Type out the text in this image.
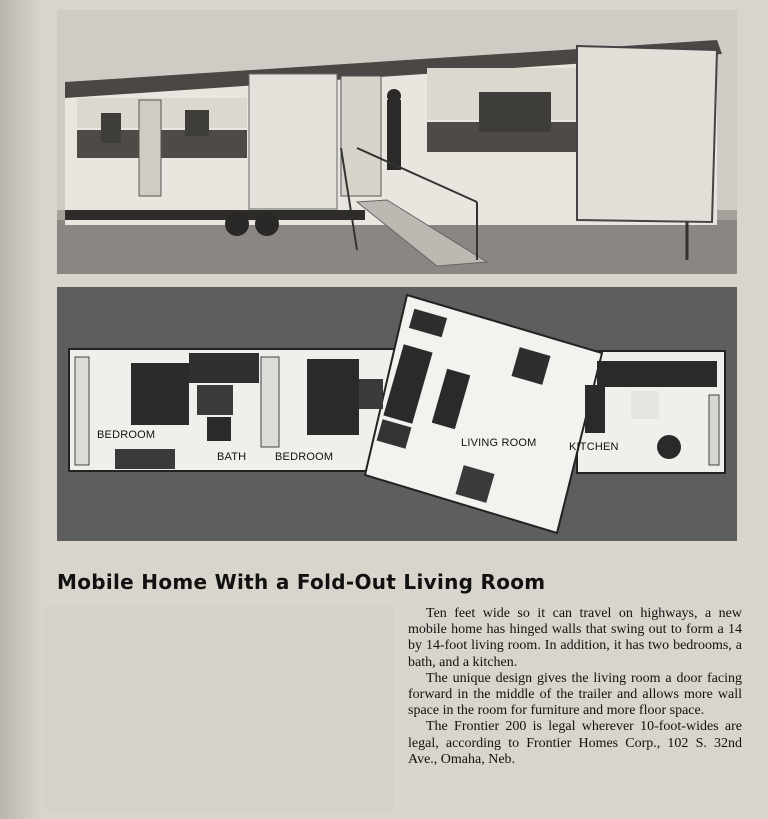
BEDROOM
BATH	BEDROOM
LIVING ROOM	KITCHEN
Mobile Home With a Fold-Out Living Room

Ten feet wide so it can travel on highways, a new mobile home has hinged walls that swing out to form a 14 by 14-foot living room. In addition, it has two bedrooms, a bath, and a kitchen.

The unique design gives the living room a door facing forward in the middle of the trailer and allows more wall space in the room for furniture and more floor space.

The Frontier 200 is legal wherever 10-foot-wides are legal, according to Frontier Homes Corp., 102 S. 32nd Ave., Omaha, Neb.
